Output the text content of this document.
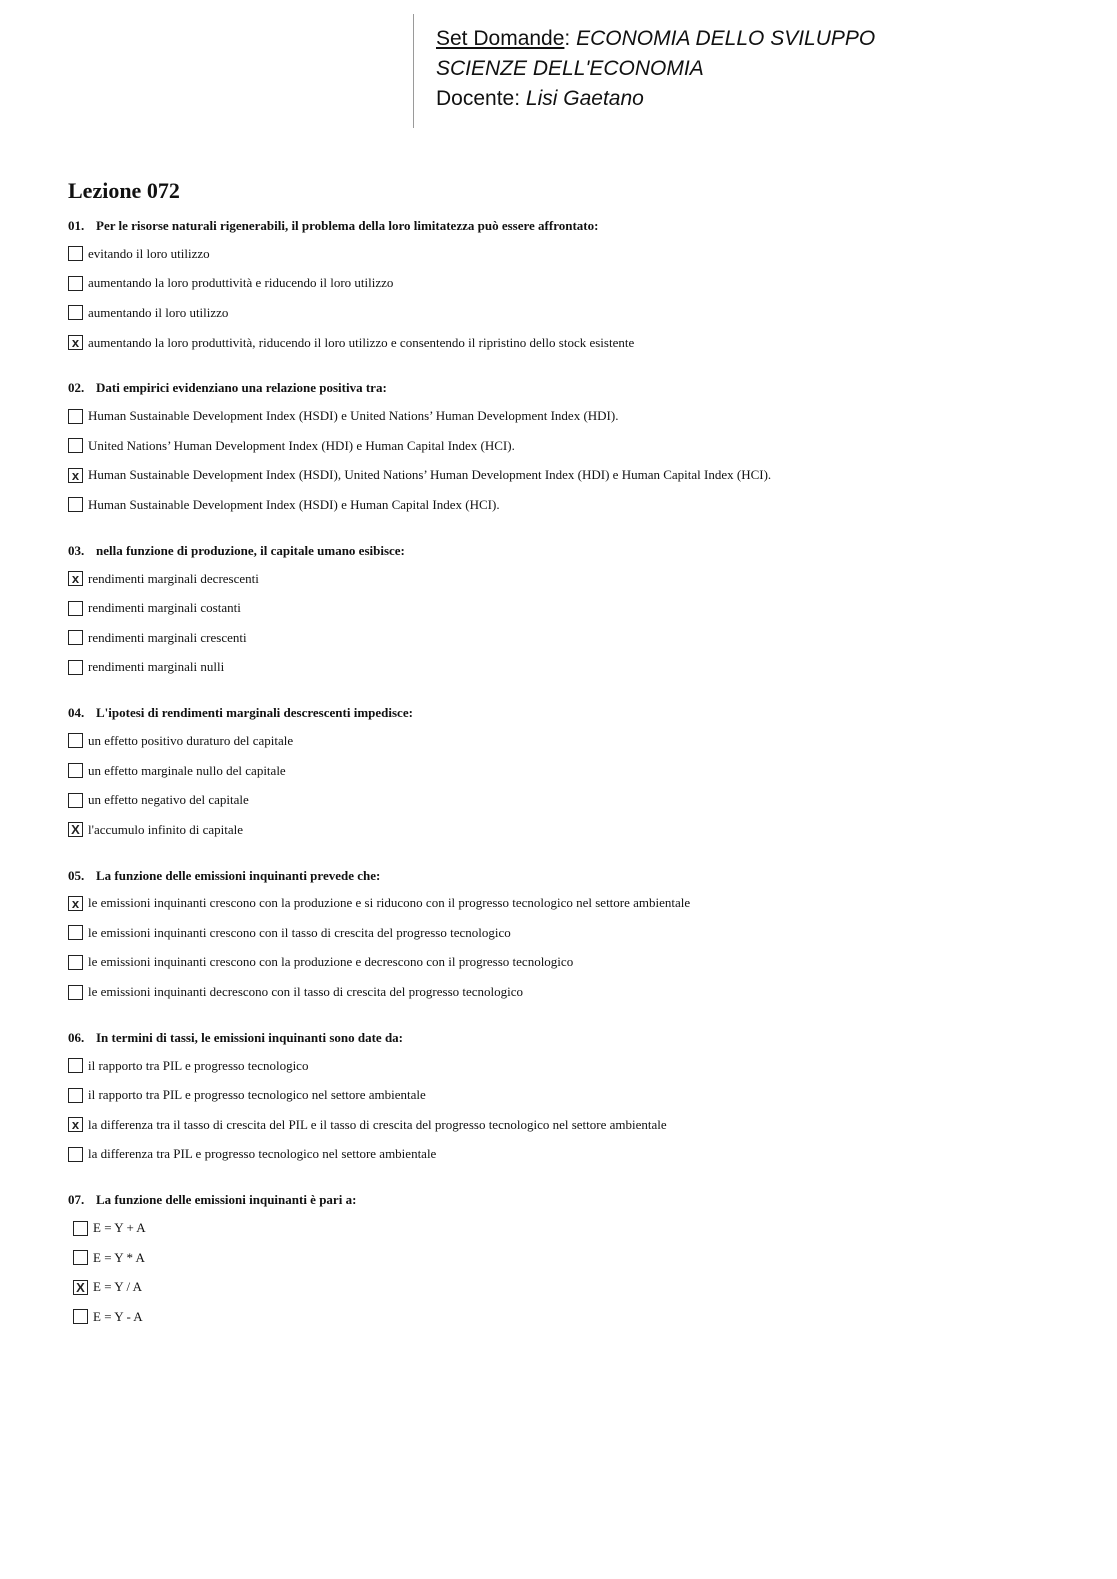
Set Domande: ECONOMIA DELLO SVILUPPO
SCIENZE DELL'ECONOMIA
Docente: Lisi Gaetano
Lezione 072
01. Per le risorse naturali rigenerabili, il problema della loro limitatezza può essere affrontato:
evitando il loro utilizzo
aumentando la loro produttività e riducendo il loro utilizzo
aumentando il loro utilizzo
x aumentando la loro produttività, riducendo il loro utilizzo e consentendo il ripristino dello stock esistente
02. Dati empirici evidenziano una relazione positiva tra:
Human Sustainable Development Index (HSDI) e United Nations’ Human Development Index (HDI).
United Nations’ Human Development Index (HDI) e Human Capital Index (HCI).
x Human Sustainable Development Index (HSDI), United Nations’ Human Development Index (HDI) e Human Capital Index (HCI).
Human Sustainable Development Index (HSDI) e Human Capital Index (HCI).
03. nella funzione di produzione, il capitale umano esibisce:
x rendimenti marginali decrescenti
rendimenti marginali costanti
rendimenti marginali crescenti
rendimenti marginali nulli
04. L'ipotesi di rendimenti marginali descrescenti impedisce:
un effetto positivo duraturo del capitale
un effetto marginale nullo del capitale
un effetto negativo del capitale
X l'accumulo infinito di capitale
05. La funzione delle emissioni inquinanti prevede che:
x le emissioni inquinanti crescono con la produzione e si riducono con il progresso tecnologico nel settore ambientale
le emissioni inquinanti crescono con il tasso di crescita del progresso tecnologico
le emissioni inquinanti crescono con la produzione e decrescono con il progresso tecnologico
le emissioni inquinanti decrescono con il tasso di crescita del progresso tecnologico
06. In termini di tassi, le emissioni inquinanti sono date da:
il rapporto tra PIL e progresso tecnologico
il rapporto tra PIL e progresso tecnologico nel settore ambientale
x la differenza tra il tasso di crescita del PIL e il tasso di crescita del progresso tecnologico nel settore ambientale
la differenza tra PIL e progresso tecnologico nel settore ambientale
07. La funzione delle emissioni inquinanti è pari a:
E = Y + A
E = Y * A
X E = Y / A
E = Y - A
